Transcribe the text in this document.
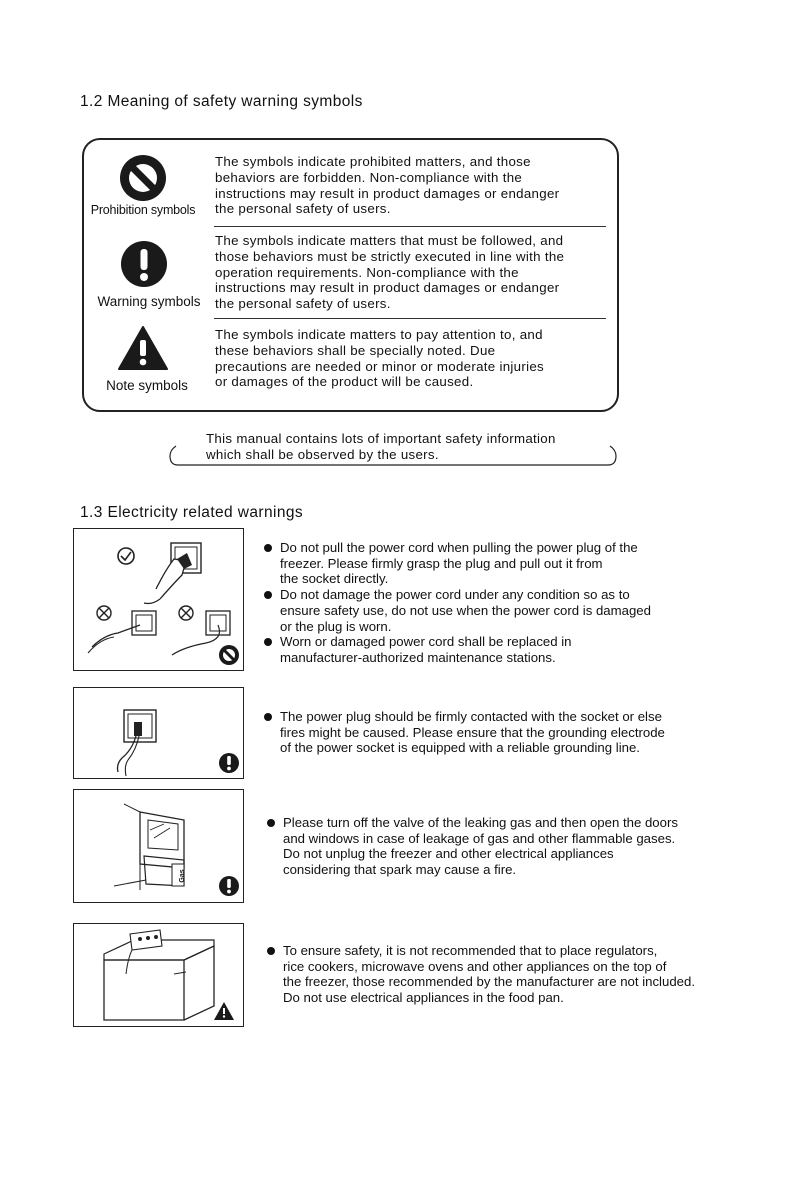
1.2 Meaning of safety warning symbols
Prohibition symbols
The symbols indicate prohibited matters, and those
behaviors are forbidden. Non-compliance with the
instructions may result in product damages or endanger
the personal safety of users.
Warning symbols
The symbols indicate matters that must be followed, and
those behaviors must be strictly executed in line with the
operation requirements. Non-compliance with the
instructions may result in product damages or endanger
the personal safety of users.
Note symbols
The symbols indicate matters to pay attention to, and
these behaviors shall be specially noted. Due
precautions are needed or minor or moderate injuries
or damages of the product will be caused.
This manual contains lots of important safety information
which shall be observed by the users.
1.3 Electricity related warnings
Do not pull the power cord when pulling the power plug of the
freezer. Please firmly grasp the plug and pull out it from
the socket directly.
Do not damage the power cord under any condition so as to
ensure safety use, do not use when the power cord is damaged
or the plug is worn.
Worn or damaged power cord shall be replaced in
manufacturer-authorized maintenance stations.
The power plug should be firmly contacted with the socket or else
fires might be caused. Please ensure that the grounding electrode
of the power socket is equipped with a reliable grounding line.
Gas
Please turn off the valve of the leaking gas and then open the doors
and windows in case of leakage of gas and other flammable gases.
Do not unplug the freezer and other electrical appliances
considering that spark may cause a fire.
To ensure safety, it is not recommended that to place regulators,
rice cookers, microwave ovens and other appliances on the top of
the freezer, those recommended by the manufacturer are not included.
Do not use electrical appliances in the food pan.
